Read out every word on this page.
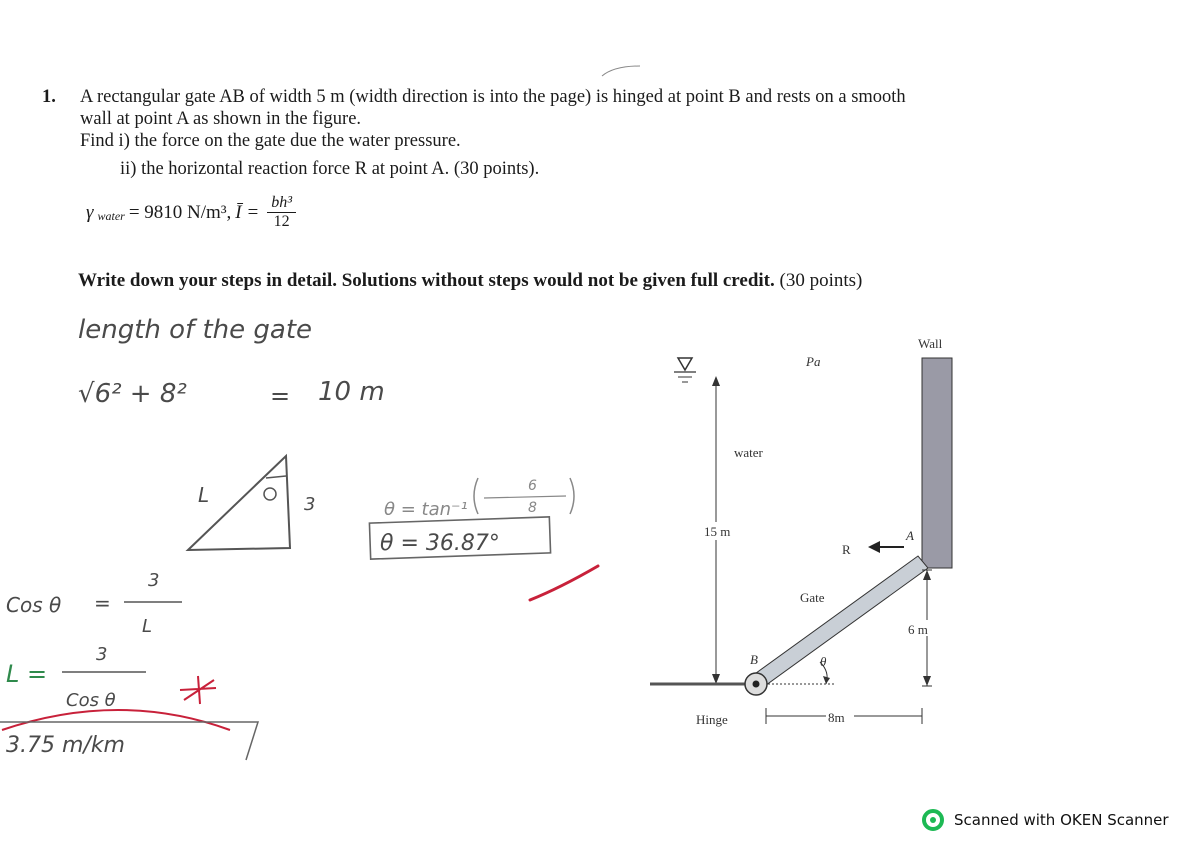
1. A rectangular gate AB of width 5 m (width direction is into the page) is hinged at point B and rests on a smooth
wall at point A as shown in the figure.
Find i) the force on the gate due the water pressure.
ii) the horizontal reaction force R at point A. (30 points).
γ $_{water}$ = 9810 N/m³, Ī = $\frac{\text{bh³}}{12}$
Write down your steps in detail. Solutions without steps would not be given full credit. (30 points)
length of the gate
√6² + 8²	= 10 m
L	3	θ = tan⁻¹
6
8
θ = 36.87°
Cos θ =
3
L
L =
3
Cos θ
3.75 m/km
water
Pa
15 m
Wall
Gate
B	θ
R
A
6 m
8m
Hinge
Scanned with OKEN Scanner
